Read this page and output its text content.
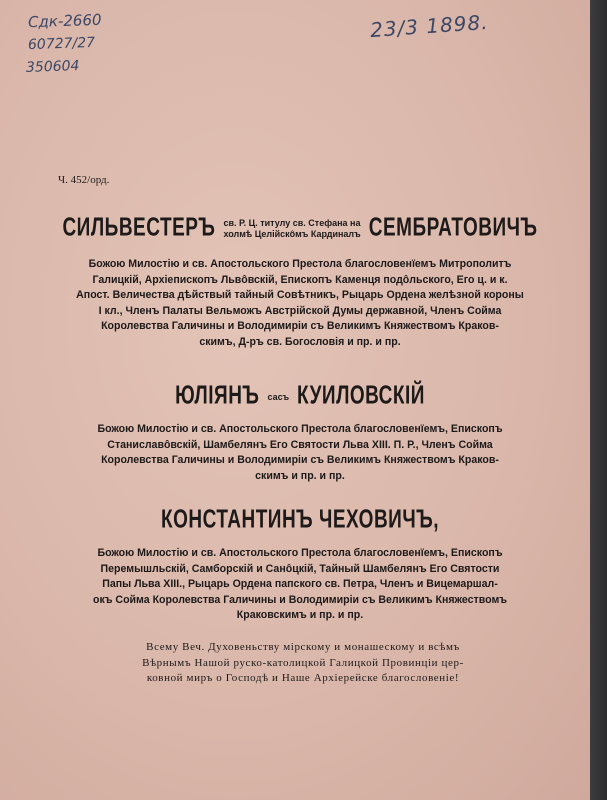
Сдк-2660
60727/27
350604
23/3 1898.
Ч. 452/орд.
СИЛЬВЕСТЕРЪ св. Р. Ц. титулу св. Стефана на
холмѣ Целійскôмъ Кардиналъ СЕМБРАТОВИЧЪ
Божою Милостію и св. Апостольского Престола благословенïемъ Митрополитъ
Галицкій, Архіепископъ Львôвскій, Епископъ Каменця подôльского, Его ц. и к.
Апост. Величества дѣйствый тайный Совѣтникъ, Рыцарь Ордена желѣзной короны
I кл., Членъ Палаты Вельможъ Австрійской Думы державной, Членъ Сойма
Королевства Галичины и Володимиріи съ Великимъ Княжествомъ Краков-
скимъ, Д-ръ св. Богословія и пр. и пр.
ЮЛІЯНЪ сасъ КУИЛОВСКІЙ
Божою Милостію и св. Апостольского Престола благословенïемъ, Епископъ
Станиславôвскій, Шамбелянъ Его Святости Льва XIII. П. Р., Членъ Сойма
Королевства Галичины и Володимиріи съ Великимъ Княжествомъ Краков-
скимъ и пр. и пр.
КОНСТАНТИНЪ ЧЕХОВИЧЪ,
Божою Милостію и св. Апостольского Престола благословенïемъ, Епископъ
Перемышльскій, Самборскій и Санôцкій, Тайный Шамбелянъ Его Святости
Папы Льва XIII., Рыцарь Ордена папского св. Петра, Членъ и Вицемаршал-
окъ Сойма Королевства Галичины и Володимиріи съ Великимъ Княжествомъ
Краковскимъ и пр. и пр.
Всему Веч. Духовеньству мірскому и монашескому и всѣмъ
Вѣрнымъ Нашой руско-католицкой Галицкой Провинціи цер-
ковной миръ о Господѣ и Наше Архіерейске благословеніе!
